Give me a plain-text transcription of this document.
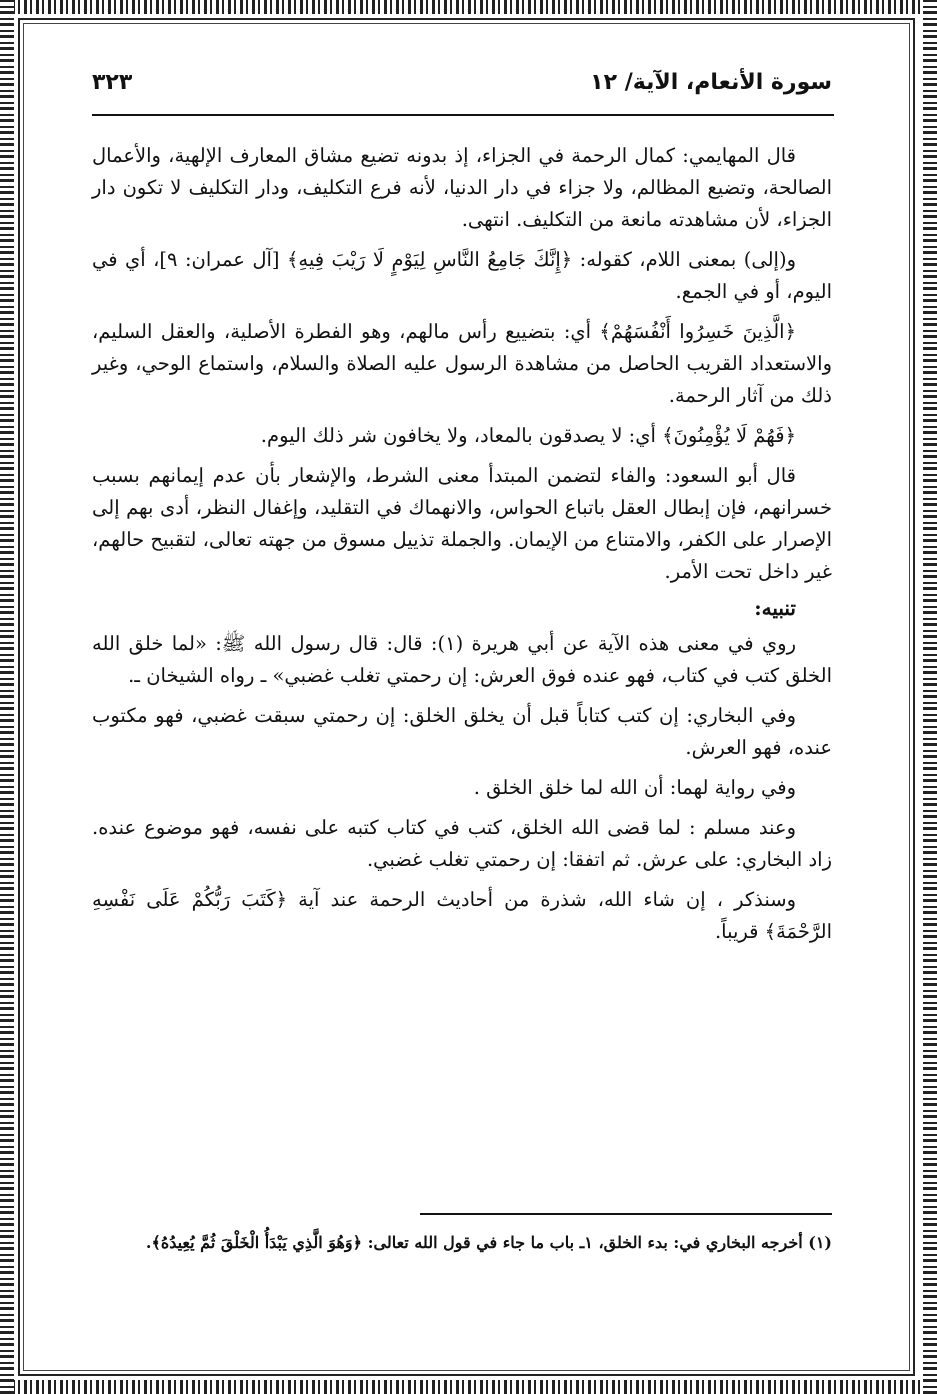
سورة الأنعام، الآية/ ١٢
٣٢٣

قال المهايمي: كمال الرحمة في الجزاء، إذ بدونه تضيع مشاق المعارف الإلهية، والأعمال الصالحة، وتضيع المظالم، ولا جزاء في دار الدنيا، لأنه فرع التكليف، ودار التكليف لا تكون دار الجزاء، لأن مشاهدته مانعة من التكليف. انتهى.

و(إلى) بمعنى اللام، كقوله: ﴿إِنَّكَ جَامِعُ النَّاسِ لِيَوْمٍ لَا رَيْبَ فِيهِ﴾ [آل عمران: ٩]، أي في اليوم، أو في الجمع.

﴿الَّذِينَ خَسِرُوا أَنْفُسَهُمْ﴾ أي: بتضييع رأس مالهم، وهو الفطرة الأصلية، والعقل السليم، والاستعداد القريب الحاصل من مشاهدة الرسول عليه الصلاة والسلام، واستماع الوحي، وغير ذلك من آثار الرحمة.

﴿فَهُمْ لَا يُؤْمِنُونَ﴾ أي: لا يصدقون بالمعاد، ولا يخافون شر ذلك اليوم.

قال أبو السعود: والفاء لتضمن المبتدأ معنى الشرط، والإشعار بأن عدم إيمانهم بسبب خسرانهم، فإن إبطال العقل باتباع الحواس، والانهماك في التقليد، وإغفال النظر، أدى بهم إلى الإصرار على الكفر، والامتناع من الإيمان. والجملة تذييل مسوق من جهته تعالى، لتقبيح حالهم، غير داخل تحت الأمر.

تنبيه:

روي في معنى هذه الآية عن أبي هريرة (١): قال: قال رسول الله ﷺ: «لما خلق الله الخلق كتب في كتاب، فهو عنده فوق العرش: إن رحمتي تغلب غضبي» ـ رواه الشيخان ـ.

وفي البخاري: إن كتب كتاباً قبل أن يخلق الخلق: إن رحمتي سبقت غضبي، فهو مكتوب عنده، فهو العرش.

وفي رواية لهما: أن الله لما خلق الخلق .

وعند مسلم : لما قضى الله الخلق، كتب في كتاب كتبه على نفسه، فهو موضوع عنده. زاد البخاري: على عرش. ثم اتفقا: إن رحمتي تغلب غضبي.

وسنذكر ، إن شاء الله، شذرة من أحاديث الرحمة عند آية ﴿كَتَبَ رَبُّكُمْ عَلَى نَفْسِهِ الرَّحْمَةَ﴾ قريباً.

(١) أخرجه البخاري في: بدء الخلق، ١ـ باب ما جاء في قول الله تعالى: ﴿وَهُوَ الَّذِي يَبْدَأُ الْخَلْقَ ثُمَّ يُعِيدُهُ﴾.
